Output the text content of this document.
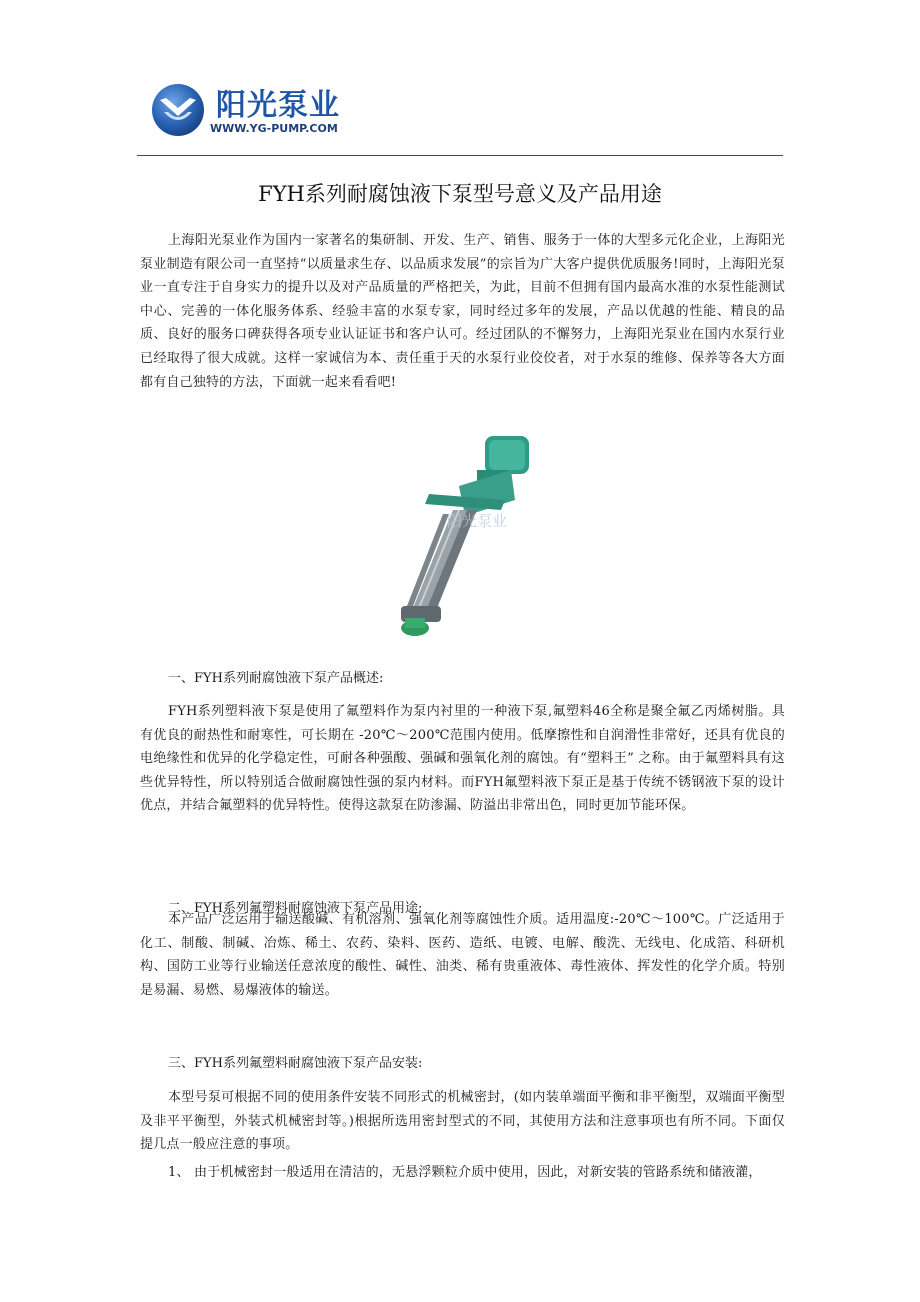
阳光泵业
WWW.YG-PUMP.COM
FYH系列耐腐蚀液下泵型号意义及产品用途

上海阳光泵业作为国内一家著名的集研制、开发、生产、销售、服务于一体的大型多元化企业，上海阳光泵业制造有限公司一直坚持“以质量求生存、以品质求发展”的宗旨为广大客户提供优质服务!同时，上海阳光泵业一直专注于自身实力的提升以及对产品质量的严格把关，为此，目前不但拥有国内最高水准的水泵性能测试中心、完善的一体化服务体系、经验丰富的水泵专家，同时经过多年的发展，产品以优越的性能、精良的品质、良好的服务口碑获得各项专业认证证书和客户认可。经过团队的不懈努力，上海阳光泵业在国内水泵行业已经取得了很大成就。这样一家诚信为本、责任重于天的水泵行业佼佼者，对于水泵的维修、保养等各大方面都有自己独特的方法，下面就一起来看看吧!

阳光泵业
一、FYH系列耐腐蚀液下泵产品概述:

FYH系列塑料液下泵是使用了氟塑料作为泵内衬里的一种液下泵,氟塑料46全称是聚全氟乙丙烯树脂。具有优良的耐热性和耐寒性，可长期在 -20℃～200℃范围内使用。低摩擦性和自润滑性非常好，还具有优良的电绝缘性和优异的化学稳定性，可耐各种强酸、强碱和强氧化剂的腐蚀。有“塑料王” 之称。由于氟塑料具有这些优异特性，所以特别适合做耐腐蚀性强的泵内材料。而FYH氟塑料液下泵正是基于传统不锈钢液下泵的设计优点，并结合氟塑料的优异特性。使得这款泵在防渗漏、防溢出非常出色，同时更加节能环保。

二、FYH系列氟塑料耐腐蚀液下泵产品用途:

本产品广泛运用于输送酸碱、有机溶剂、强氧化剂等腐蚀性介质。适用温度:-20℃～100℃。广泛适用于化工、制酸、制碱、冶炼、稀土、农药、染料、医药、造纸、电镀、电解、酸洗、无线电、化成箔、科研机构、国防工业等行业输送任意浓度的酸性、碱性、油类、稀有贵重液体、毒性液体、挥发性的化学介质。特别是易漏、易燃、易爆液体的输送。

三、FYH系列氟塑料耐腐蚀液下泵产品安装:

本型号泵可根据不同的使用条件安装不同形式的机械密封，(如内装单端面平衡和非平衡型，双端面平衡型及非平平衡型，外装式机械密封等。)根据所选用密封型式的不同，其使用方法和注意事项也有所不同。下面仅提几点一般应注意的事项。

1、 由于机械密封一般适用在清洁的，无悬浮颗粒介质中使用，因此，对新安装的管路系统和储液灌，
